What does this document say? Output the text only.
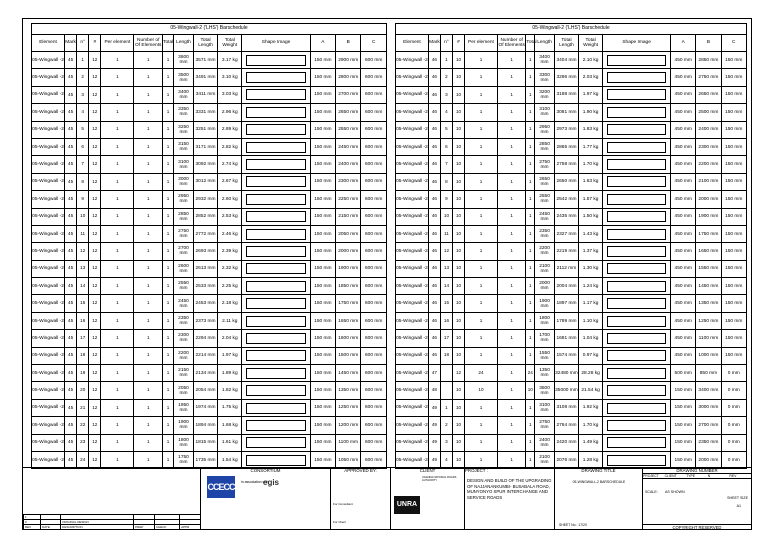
05-Wingwall-2 ('LHS') Barschedule													
Element	Mark	n°	#	Per element	Number of
Of Elements	Total	Length	Total Length	Total Weight	Shape Image	A	B	C
05-Wingwall -2	45	1	12	1	1	1	3600 mm	3571 mm	3.17 kg		150 mm	2900 mm	600 mm
05-Wingwall -2	45	2	12	1	1	1	3500 mm	3491 mm	3.10 kg		150 mm	2800 mm	600 mm
05-Wingwall -2	45	3	12	1	1	1	3400 mm	3411 mm	3.03 kg		150 mm	2700 mm	600 mm
05-Wingwall -2	45	4	12	1	1	1	3350 mm	3331 mm	2.96 kg		150 mm	2650 mm	600 mm
05-Wingwall -2	45	5	12	1	1	1	3250 mm	3251 mm	2.89 kg		150 mm	2550 mm	600 mm
05-Wingwall -2	45	6	12	1	1	1	3150 mm	3171 mm	2.82 kg		150 mm	2450 mm	600 mm
05-Wingwall -2	45	7	12	1	1	1	3100 mm	3092 mm	2.74 kg		150 mm	2400 mm	600 mm
05-Wingwall -2	45	8	12	1	1	1	3000 mm	3012 mm	2.67 kg		150 mm	2300 mm	600 mm
05-Wingwall -2	45	9	12	1	1	1	2950 mm	2932 mm	2.60 kg		150 mm	2250 mm	600 mm
05-Wingwall -2	45	10	12	1	1	1	2850 mm	2852 mm	2.53 kg		150 mm	2150 mm	600 mm
05-Wingwall -2	45	11	12	1	1	1	2750 mm	2772 mm	2.46 kg		150 mm	2050 mm	600 mm
05-Wingwall -2	45	12	12	1	1	1	2700 mm	2693 mm	2.39 kg		150 mm	2000 mm	600 mm
05-Wingwall -2	45	13	12	1	1	1	2600 mm	2613 mm	2.32 kg		150 mm	1900 mm	600 mm
05-Wingwall -2	45	14	12	1	1	1	2550 mm	2533 mm	2.25 kg		150 mm	1850 mm	600 mm
05-Wingwall -2	45	15	12	1	1	1	2450 mm	2453 mm	2.18 kg		150 mm	1750 mm	600 mm
05-Wingwall -2	45	16	12	1	1	1	2350 mm	2373 mm	2.11 kg		150 mm	1650 mm	600 mm
05-Wingwall -2	45	17	12	1	1	1	2300 mm	2294 mm	2.04 kg		150 mm	1600 mm	600 mm
05-Wingwall -2	45	18	12	1	1	1	2200 mm	2214 mm	1.97 kg		150 mm	1500 mm	600 mm
05-Wingwall -2	45	19	12	1	1	1	2150 mm	2134 mm	1.89 kg		150 mm	1450 mm	600 mm
05-Wingwall -2	45	20	12	1	1	1	2050 mm	2054 mm	1.82 kg		150 mm	1350 mm	600 mm
05-Wingwall -2	45	21	12	1	1	1	1950 mm	1974 mm	1.75 kg		150 mm	1250 mm	600 mm
05-Wingwall -2	45	22	12	1	1	1	1900 mm	1894 mm	1.68 kg		150 mm	1200 mm	600 mm
05-Wingwall -2	45	23	12	1	1	1	1800 mm	1815 mm	1.61 kg		150 mm	1100 mm	600 mm
05-Wingwall -2	45	24	12	1	1	1	1750 mm	1735 mm	1.54 kg		150 mm	1050 mm	600 mm
05-Wingwall-2 ('LHS') Barschedule													
Element	Mark	n°	#	Per element	Number of
Of Elements	Total	Length	Total Length	Total Weight	Shape Image	A	B	C
05-Wingwall -2	46	1	10	1	1	1	3400 mm	3404 mm	2.10 kg		450 mm	2850 mm	150 mm
05-Wingwall -2	46	2	10	1	1	1	3300 mm	3296 mm	2.03 kg		450 mm	2750 mm	150 mm
05-Wingwall -2	46	3	10	1	1	1	3200 mm	3188 mm	1.97 kg		450 mm	2650 mm	150 mm
05-Wingwall -2	46	4	10	1	1	1	3100 mm	3081 mm	1.90 kg		450 mm	2500 mm	150 mm
05-Wingwall -2	46	5	10	1	1	1	2950 mm	2973 mm	1.83 kg		450 mm	2400 mm	150 mm
05-Wingwall -2	46	6	10	1	1	1	2850 mm	2865 mm	1.77 kg		450 mm	2300 mm	150 mm
05-Wingwall -2	46	7	10	1	1	1	2750 mm	2758 mm	1.70 kg		450 mm	2200 mm	150 mm
05-Wingwall -2	46	8	10	1	1	1	2650 mm	2650 mm	1.63 kg		450 mm	2100 mm	150 mm
05-Wingwall -2	46	9	10	1	1	1	2550 mm	2542 mm	1.57 kg		450 mm	2000 mm	150 mm
05-Wingwall -2	46	10	10	1	1	1	2450 mm	2435 mm	1.50 kg		450 mm	1900 mm	150 mm
05-Wingwall -2	46	11	10	1	1	1	2350 mm	2327 mm	1.43 kg		450 mm	1750 mm	150 mm
05-Wingwall -2	46	12	10	1	1	1	2200 mm	2219 mm	1.37 kg		450 mm	1650 mm	150 mm
05-Wingwall -2	46	13	10	1	1	1	2100 mm	2112 mm	1.30 kg		450 mm	1550 mm	150 mm
05-Wingwall -2	46	14	10	1	1	1	2000 mm	2004 mm	1.24 kg		450 mm	1450 mm	150 mm
05-Wingwall -2	46	15	10	1	1	1	1900 mm	1897 mm	1.17 kg		450 mm	1350 mm	150 mm
05-Wingwall -2	46	16	10	1	1	1	1800 mm	1789 mm	1.10 kg		450 mm	1250 mm	150 mm
05-Wingwall -2	46	17	10	1	1	1	1700 mm	1681 mm	1.04 kg		450 mm	1100 mm	150 mm
05-Wingwall -2	46	18	10	1	1	1	1550 mm	1574 mm	0.97 kg		450 mm	1000 mm	150 mm
05-Wingwall -2	47		12	24	1	24	1350 mm	32480 mm	28.28 kg		500 mm	850 mm	0 mm
05-Wingwall -2	48		10	10	1	10	3500 mm	35000 mm	21.54 kg		150 mm	3400 mm	0 mm
05-Wingwall -2	49	1	10	1	1	1	3100 mm	3108 mm	1.92 kg		150 mm	3000 mm	0 mm
05-Wingwall -2	49	2	10	1	1	1	2750 mm	2764 mm	1.70 kg		150 mm	2700 mm	0 mm
05-Wingwall -2	49	3	10	1	1	1	2400 mm	2420 mm	1.49 kg		150 mm	2350 mm	0 mm
05-Wingwall -2	49	4	10	1	1	1	2100 mm	2076 mm	1.28 kg		150 mm	2000 mm	0 mm
1					
0		ORIGINAL DESIGN			
REV	DATE	DESCRIPTION	PREP	CHECK	APPR
CONSORTIUM
CCECC in association with
egis
APPROVED BY:
For Consultant
For Client
CLIENT
UNRA
UGANDA NATIONAL ROADS AUTHORITY
PROJECT :
DESIGN AND BUILD OF THE UPGRADING OF NAJJANANKUMBI- BUSABALA ROAD, MUNYONYO SPUR INTERCHANGE AND SERVICE ROADS
DRAWING TITLE
05-WINGWALL-2 BARSCHEDULE
SHEET No.: 17/20
DRAWING NUMBER
PROJECT	CLIENT	TYPE	N	REV
SCALE: AS SHOWN
SHEET SIZE
A1
COPYRIGHT RESERVED
